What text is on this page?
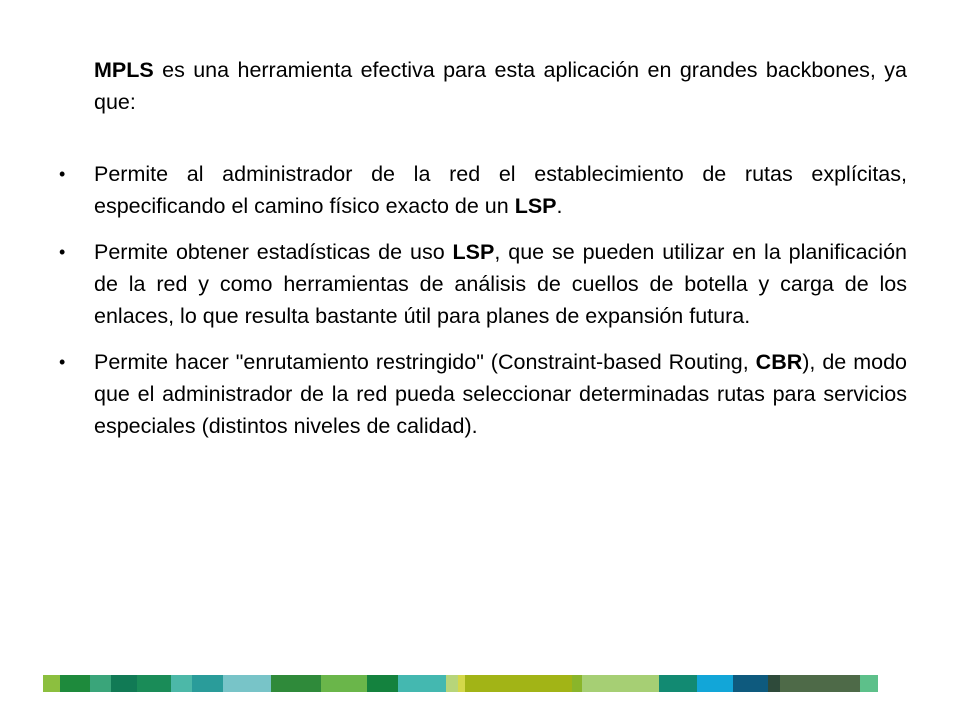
MPLS es una herramienta efectiva para esta aplicación en grandes backbones, ya que:

• Permite al administrador de la red el establecimiento de rutas explícitas, especificando el camino físico exacto de un LSP.
• Permite obtener estadísticas de uso LSP, que se pueden utilizar en la planificación de la red y como herramientas de análisis de cuellos de botella y carga de los enlaces, lo que resulta bastante útil para planes de expansión futura.
• Permite hacer "enrutamiento restringido" (Constraint-based Routing, CBR), de modo que el administrador de la red pueda seleccionar determinadas rutas para servicios especiales (distintos niveles de calidad).
